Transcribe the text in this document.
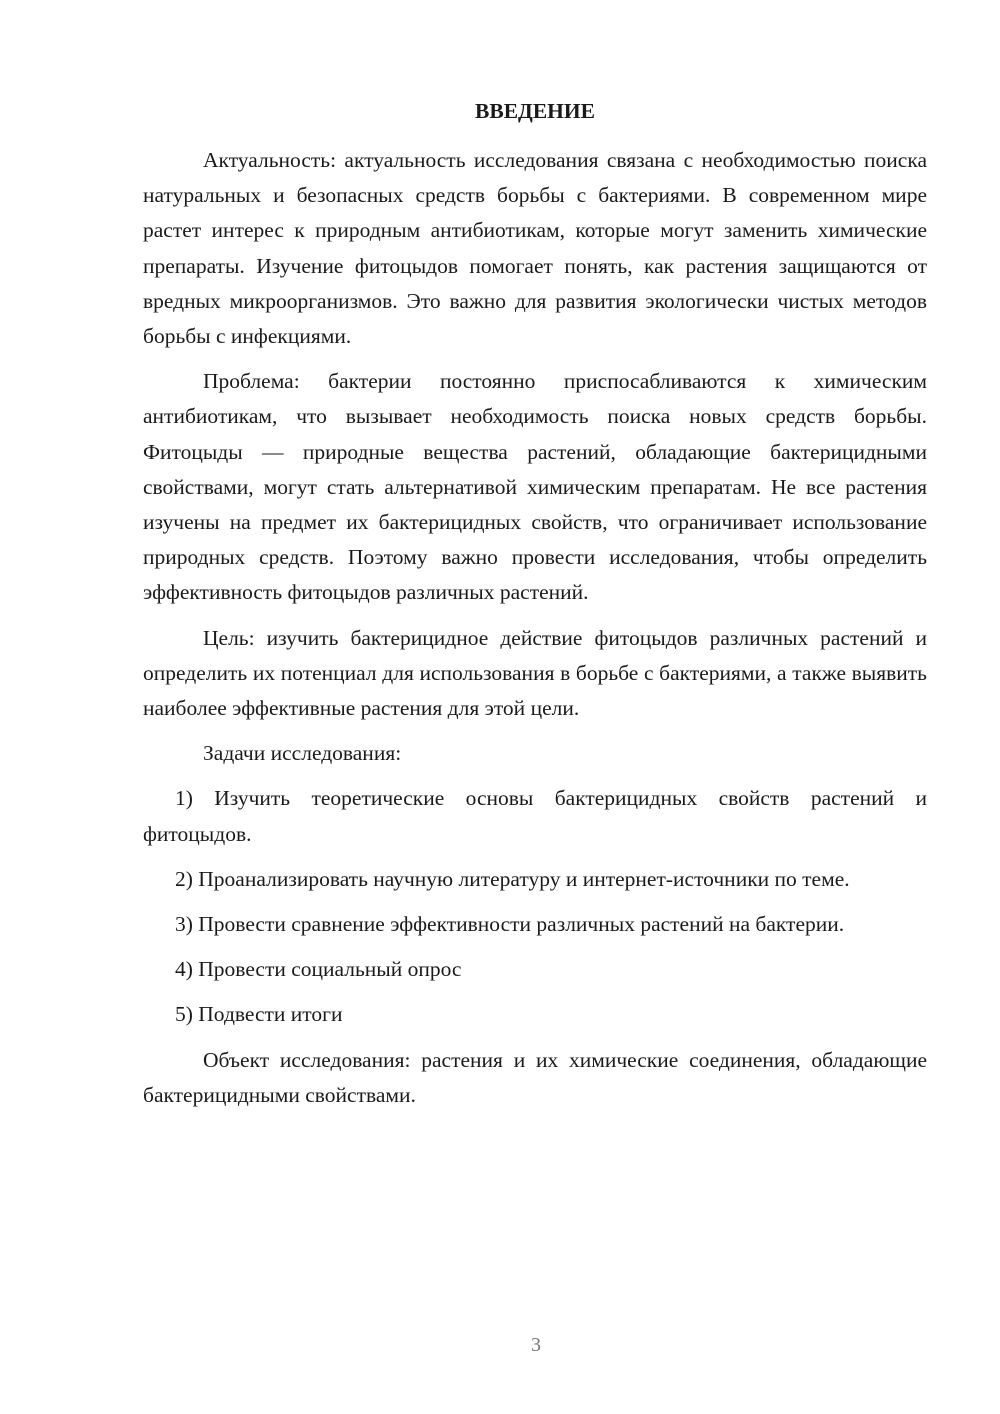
ВВЕДЕНИЕ

Актуальность: актуальность исследования связана с необходимостью поиска натуральных и безопасных средств борьбы с бактериями. В современном мире растет интерес к природным антибиотикам, которые могут заменить химические препараты. Изучение фитоцыдов помогает понять, как растения защищаются от вредных микроорганизмов. Это важно для развития экологически чистых методов борьбы с инфекциями.

Проблема: бактерии постоянно приспосабливаются к химическим антибиотикам, что вызывает необходимость поиска новых средств борьбы. Фитоцыды — природные вещества растений, обладающие бактерицидными свойствами, могут стать альтернативой химическим препаратам. Не все растения изучены на предмет их бактерицидных свойств, что ограничивает использование природных средств. Поэтому важно провести исследования, чтобы определить эффективность фитоцыдов различных растений.

Цель: изучить бактерицидное действие фитоцыдов различных растений и определить их потенциал для использования в борьбе с бактериями, а также выявить наиболее эффективные растения для этой цели.

Задачи исследования:

1) Изучить теоретические основы бактерицидных свойств растений и фитоцыдов.

2) Проанализировать научную литературу и интернет-источники по теме.

3) Провести сравнение эффективности различных растений на бактерии.

4) Провести социальный опрос

5) Подвести итоги

Объект исследования: растения и их химические соединения, обладающие бактерицидными свойствами.

3
